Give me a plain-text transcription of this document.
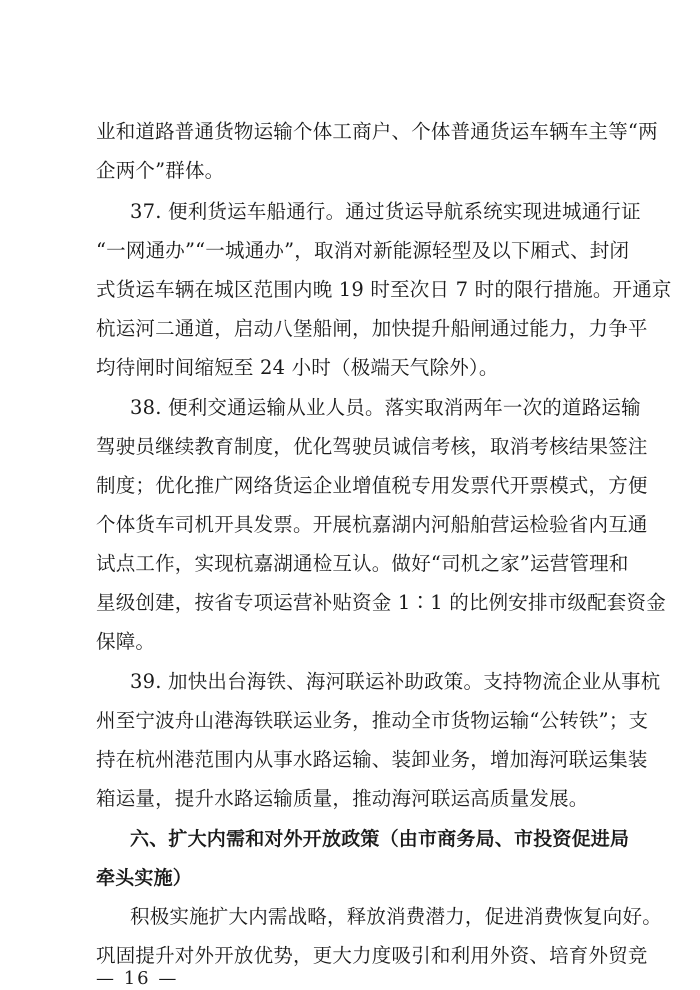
业和道路普通货物运输个体工商户、个体普通货运车辆车主等“两
企两个”群体。
37. 便利货运车船通行。通过货运导航系统实现进城通行证
“一网通办”“一城通办”，取消对新能源轻型及以下厢式、封闭
式货运车辆在城区范围内晚 19 时至次日 7 时的限行措施。开通京
杭运河二通道，启动八堡船闸，加快提升船闸通过能力，力争平
均待闸时间缩短至 24 小时（极端天气除外）。
38. 便利交通运输从业人员。落实取消两年一次的道路运输
驾驶员继续教育制度，优化驾驶员诚信考核，取消考核结果签注
制度；优化推广网络货运企业增值税专用发票代开票模式，方便
个体货车司机开具发票。开展杭嘉湖内河船舶营运检验省内互通
试点工作，实现杭嘉湖通检互认。做好“司机之家”运营管理和
星级创建，按省专项运营补贴资金 1∶1 的比例安排市级配套资金
保障。
39. 加快出台海铁、海河联运补助政策。支持物流企业从事杭
州至宁波舟山港海铁联运业务，推动全市货物运输“公转铁”；支
持在杭州港范围内从事水路运输、装卸业务，增加海河联运集装
箱运量，提升水路运输质量，推动海河联运高质量发展。
六、扩大内需和对外开放政策（由市商务局、市投资促进局
牵头实施）
积极实施扩大内需战略，释放消费潜力，促进消费恢复向好。
巩固提升对外开放优势，更大力度吸引和利用外资、培育外贸竞
— 16 —
